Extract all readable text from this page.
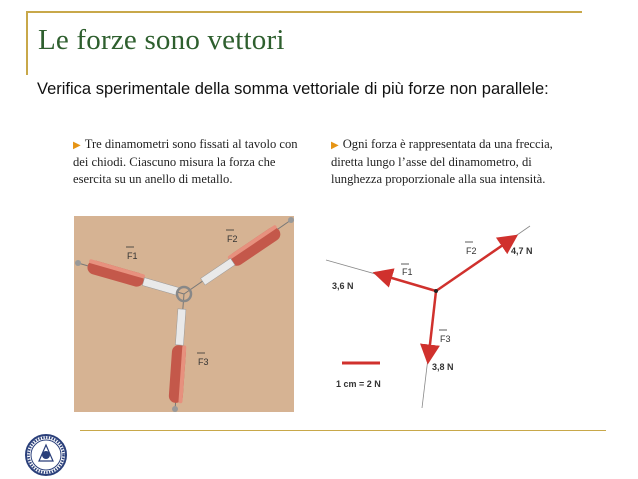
Le forze sono vettori
Verifica sperimentale della somma vettoriale di più forze non parallele:
▶ Tre dinamometri sono fissati al tavolo con dei chiodi. Ciascuno misura la forza che esercita su un anello di metallo.
▶ Ogni forza è rappresentata da una freccia, diretta lungo l’asse del dinamometro, di lunghezza proporzionale alla sua intensità.
F1
F2
F3
F1
F2
F3
3,6 N
4,7 N
3,8 N
1 cm = 2 N
